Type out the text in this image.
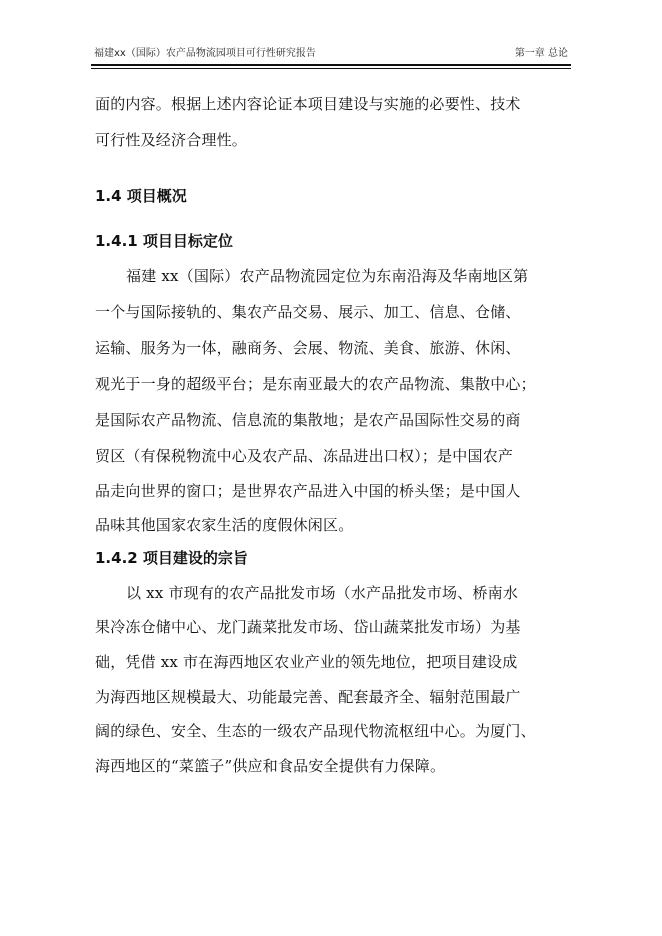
福建xx（国际）农产品物流园项目可行性研究报告	第一章 总论
面的内容。根据上述内容论证本项目建设与实施的必要性、技术
可行性及经济合理性。
1.4 项目概况
1.4.1 项目目标定位
福建 xx（国际）农产品物流园定位为东南沿海及华南地区第
一个与国际接轨的、集农产品交易、展示、加工、信息、仓储、
运输、服务为一体，融商务、会展、物流、美食、旅游、休闲、
观光于一身的超级平台；是东南亚最大的农产品物流、集散中心；
是国际农产品物流、信息流的集散地；是农产品国际性交易的商
贸区（有保税物流中心及农产品、冻品进出口权）；是中国农产
品走向世界的窗口；是世界农产品进入中国的桥头堡；是中国人
品味其他国家农家生活的度假休闲区。
1.4.2 项目建设的宗旨
以 xx 市现有的农产品批发市场（水产品批发市场、桥南水
果冷冻仓储中心、龙门蔬菜批发市场、岱山蔬菜批发市场）为基
础，凭借 xx 市在海西地区农业产业的领先地位，把项目建设成
为海西地区规模最大、功能最完善、配套最齐全、辐射范围最广
阔的绿色、安全、生态的一级农产品现代物流枢纽中心。为厦门、
海西地区的“菜篮子”供应和食品安全提供有力保障。
